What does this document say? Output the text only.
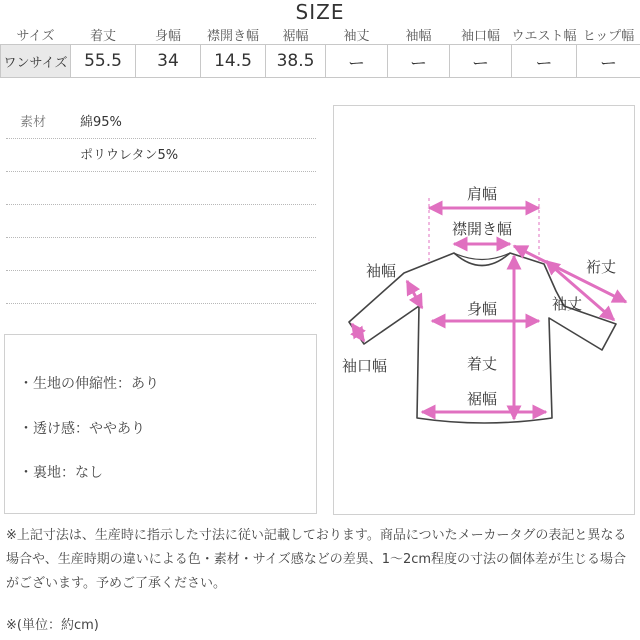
SIZE
サイズ	着丈	身幅	襟開き幅	裾幅	袖丈	袖幅	袖口幅	ウエスト幅	ヒップ幅
ワンサイズ	55.5	34	14.5	38.5	ー	ー	ー	ー	ー
素材	綿95%
ポリウレタン5%
・生地の伸縮性：あり
・透け感：ややあり
・裏地：なし
肩幅
襟開き幅
袖幅	裄丈
身幅	袖丈
袖口幅	着丈
裾幅
※上記寸法は、生産時に指示した寸法に従い記載しております。商品についたメーカータグの表記と異なる場合や、生産時期の違いによる色・素材・サイズ感などの差異、1～2cm程度の寸法の個体差が生じる場合がございます。予めご了承ください。
※(単位：約cm)
